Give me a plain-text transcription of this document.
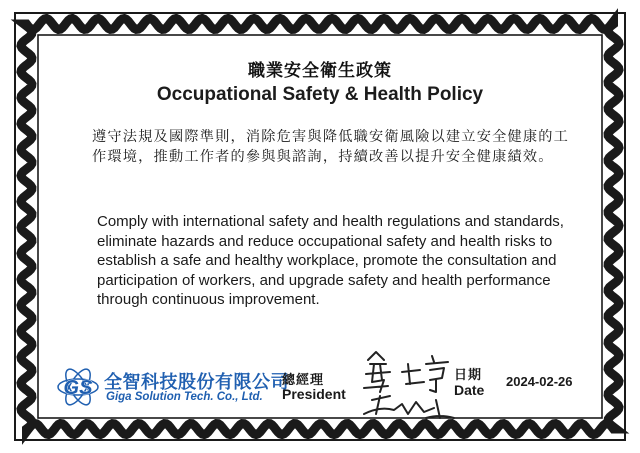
職業安全衛生政策
Occupational Safety & Health Policy
遵守法規及國際準則，消除危害與降低職安衛風險以建立安全健康的工作環境，推動工作者的參與與諮詢，持續改善以提升安全健康績效。
Comply with international safety and health regulations and standards, eliminate hazards and reduce occupational safety and health risks to establish a safe and healthy workplace, promote the consultation and participation of workers, and upgrade safety and health performance through continuous improvement.
GS 全智科技股份有限公司
Giga Solution Tech. Co., Ltd.
總經理
President
日期
Date
2024-02-26
